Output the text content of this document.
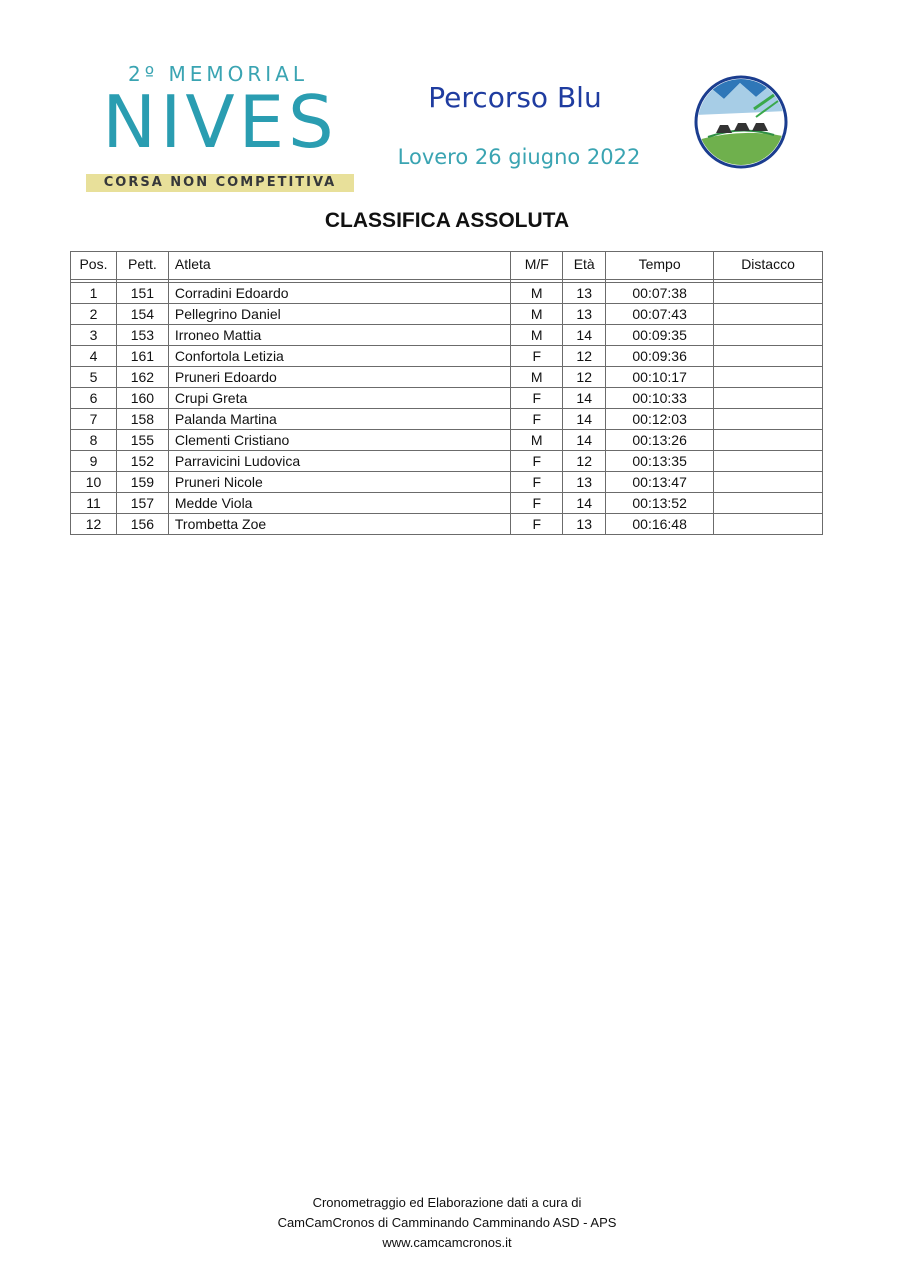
2º MEMORIAL
NIVES
CORSA NON COMPETITIVA
Percorso Blu
Lovero 26 giugno 2022
CLASSIFICA ASSOLUTA
Pos.	Pett.	Atleta	M/F	Età	Tempo	Distacco

1	151	Corradini Edoardo	M	13	00:07:38	
2	154	Pellegrino Daniel	M	13	00:07:43	
3	153	Irroneo Mattia	M	14	00:09:35	
4	161	Confortola Letizia	F	12	00:09:36	
5	162	Pruneri Edoardo	M	12	00:10:17	
6	160	Crupi Greta	F	14	00:10:33	
7	158	Palanda Martina	F	14	00:12:03	
8	155	Clementi Cristiano	M	14	00:13:26	
9	152	Parravicini Ludovica	F	12	00:13:35	
10	159	Pruneri Nicole	F	13	00:13:47	
11	157	Medde Viola	F	14	00:13:52	
12	156	Trombetta Zoe	F	13	00:16:48	
Cronometraggio ed Elaborazione dati a cura di
CamCamCronos di Camminando Camminando ASD - APS
www.camcamcronos.it
